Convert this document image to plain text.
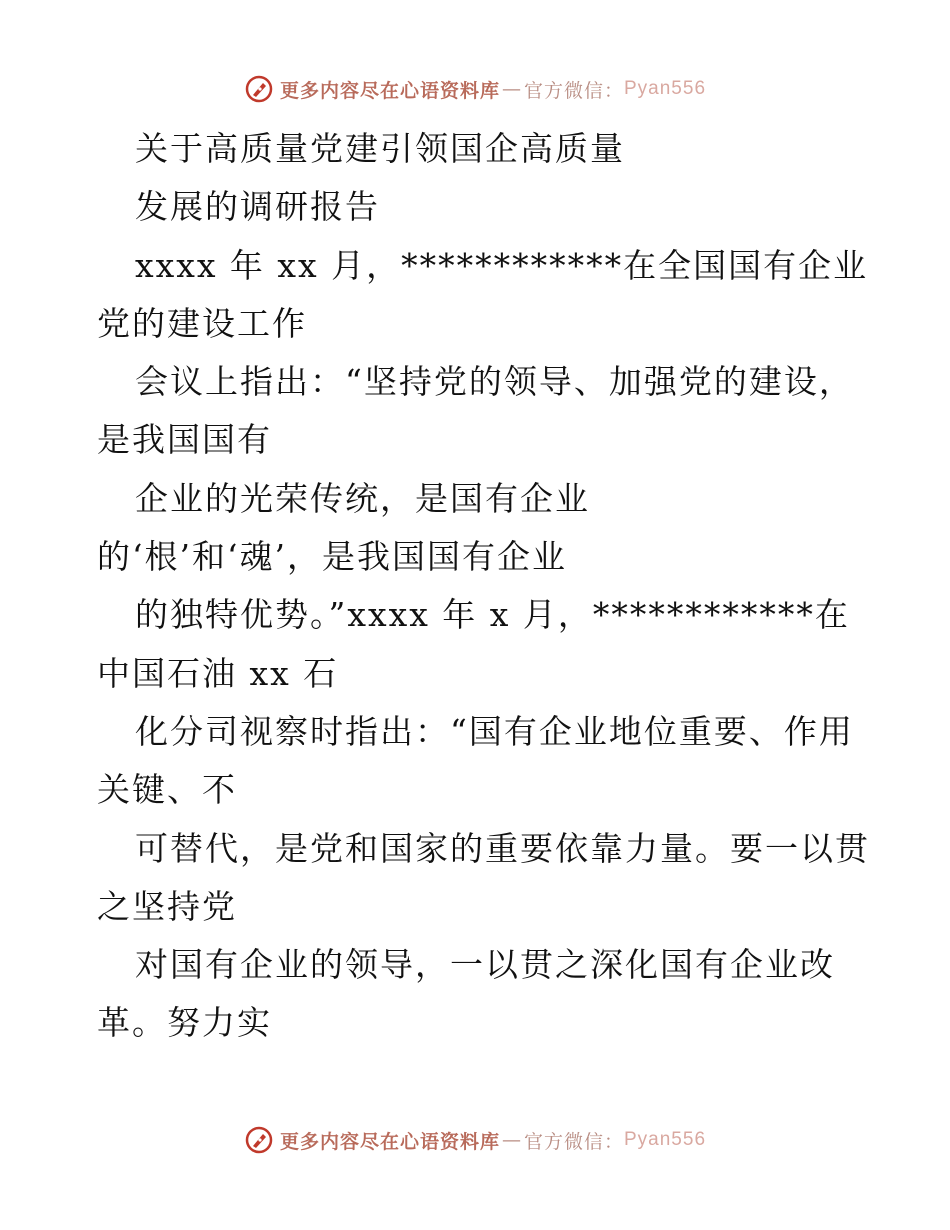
更多内容尽在心语资料库 — 官方微信： Pyan556
关于高质量党建引领国企高质量
发展的调研报告
xxxx 年 xx 月，************在全国国有企业
党的建设工作
会议上指出：“坚持党的领导、加强党的建设，
是我国国有
企业的光荣传统，是国有企业
的‘根’和‘魂’，是我国国有企业
的独特优势。”xxxx 年 x 月，************在
中国石油 xx 石
化分司视察时指出：“国有企业地位重要、作用
关键、不
可替代，是党和国家的重要依靠力量。要一以贯
之坚持党
对国有企业的领导，一以贯之深化国有企业改
革。努力实
更多内容尽在心语资料库 — 官方微信： Pyan556
